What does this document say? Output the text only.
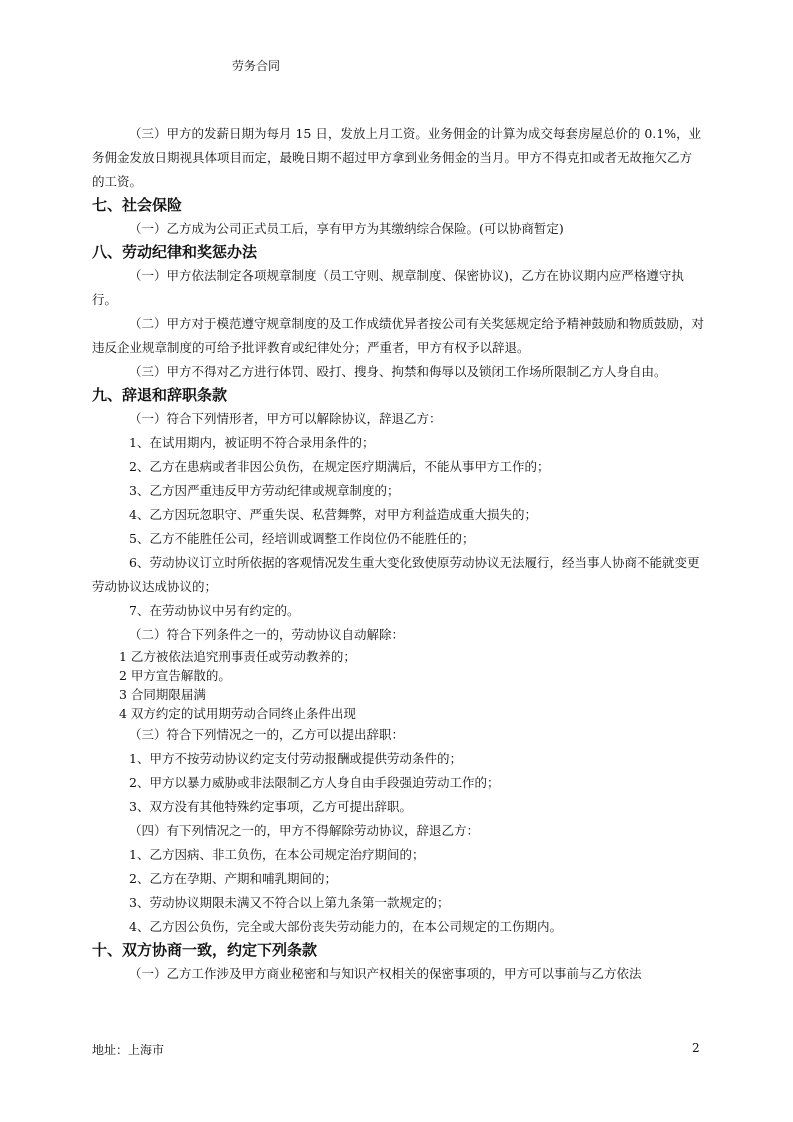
劳务合同

（三）甲方的发薪日期为每月 15 日，发放上月工资。业务佣金的计算为成交每套房屋总价的 0.1%，业务佣金发放日期视具体项目而定，最晚日期不超过甲方拿到业务佣金的当月。甲方不得克扣或者无故拖欠乙方的工资。

七、社会保险

（一）乙方成为公司正式员工后，享有甲方为其缴纳综合保险。(可以协商暂定)

八、劳动纪律和奖惩办法

（一）甲方依法制定各项规章制度（员工守则、规章制度、保密协议)，乙方在协议期内应严格遵守执行。

（二）甲方对于模范遵守规章制度的及工作成绩优异者按公司有关奖惩规定给予精神鼓励和物质鼓励，对违反企业规章制度的可给予批评教育或纪律处分；严重者，甲方有权予以辞退。

（三）甲方不得对乙方进行体罚、殴打、搜身、拘禁和侮辱以及锁闭工作场所限制乙方人身自由。

九、辞退和辞职条款

（一）符合下列情形者，甲方可以解除协议，辞退乙方：

1、在试用期内，被证明不符合录用条件的；

2、乙方在患病或者非因公负伤，在规定医疗期满后，不能从事甲方工作的；

3、乙方因严重违反甲方劳动纪律或规章制度的；

4、乙方因玩忽职守、严重失误、私营舞弊，对甲方利益造成重大损失的；

5、乙方不能胜任公司，经培训或调整工作岗位仍不能胜任的；

6、劳动协议订立时所依据的客观情况发生重大变化致使原劳动协议无法履行，经当事人协商不能就变更劳动协议达成协议的；

7、在劳动协议中另有约定的。

（二）符合下列条件之一的，劳动协议自动解除：

1 乙方被依法追究刑事责任或劳动教养的；

2 甲方宣告解散的。

3 合同期限届满

4 双方约定的试用期劳动合同终止条件出现

（三）符合下列情况之一的，乙方可以提出辞职：

1、甲方不按劳动协议约定支付劳动报酬或提供劳动条件的；

2、甲方以暴力威胁或非法限制乙方人身自由手段强迫劳动工作的；

3、双方没有其他特殊约定事项，乙方可提出辞职。

（四）有下列情况之一的，甲方不得解除劳动协议，辞退乙方：

1、乙方因病、非工负伤，在本公司规定治疗期间的；

2、乙方在孕期、产期和哺乳期间的；

3、劳动协议期限未满又不符合以上第九条第一款规定的；

4、乙方因公负伤，完全或大部份丧失劳动能力的，在本公司规定的工伤期内。

十、双方协商一致，约定下列条款

（一）乙方工作涉及甲方商业秘密和与知识产权相关的保密事项的，甲方可以事前与乙方依法

地址：上海市	2
